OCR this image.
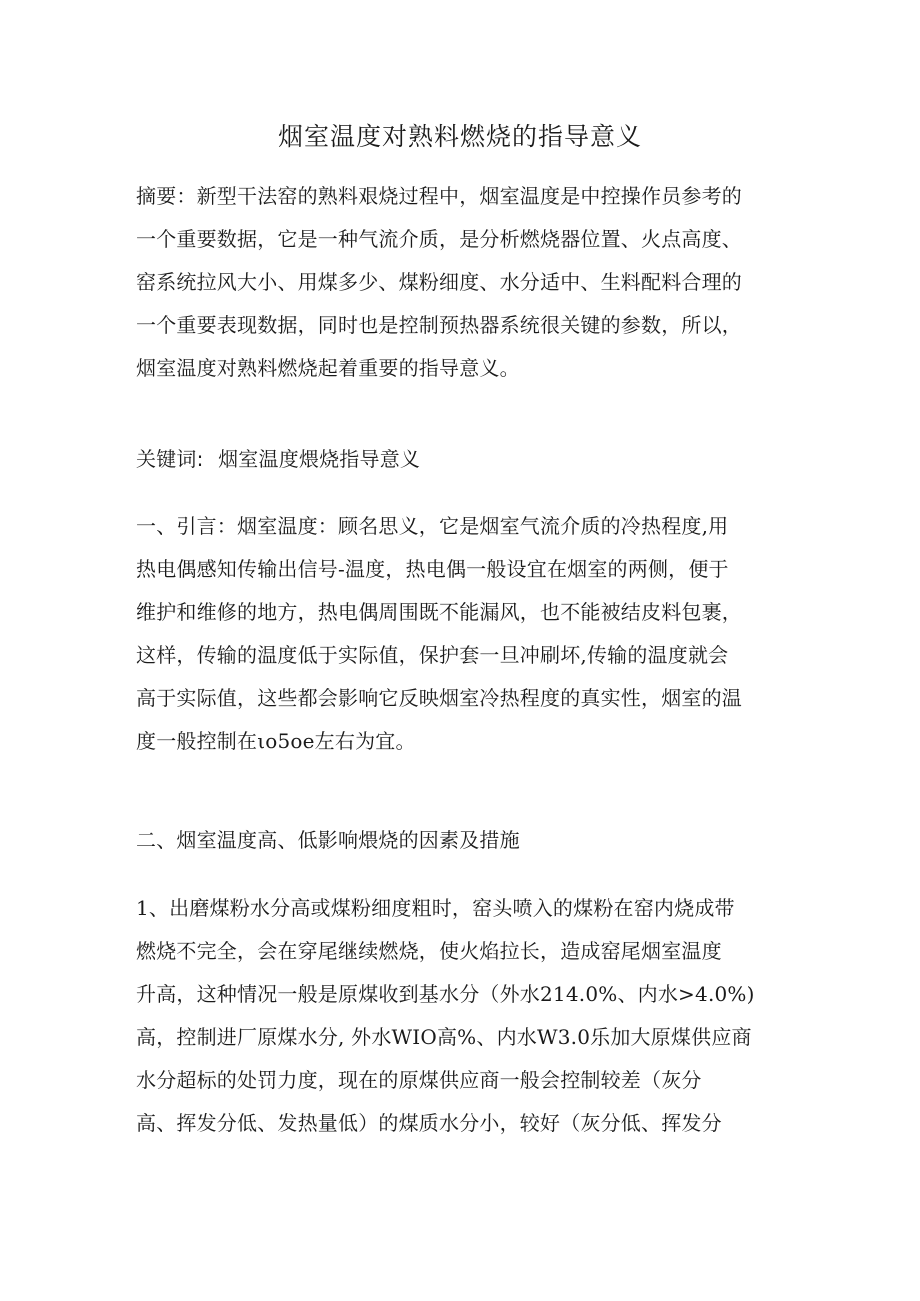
烟室温度对熟料燃烧的指导意义
摘要：新型干法窑的熟料艰烧过程中，烟室温度是中控操作员参考的
一个重要数据，它是一种气流介质，是分析燃烧器位置、火点高度、
窑系统拉风大小、用煤多少、煤粉细度、水分适中、生料配料合理的
一个重要表现数据，同时也是控制预热器系统很关键的参数，所以，
烟室温度对熟料燃烧起着重要的指导意义。
关键词: 烟室温度煨烧指导意义
一、引言：烟室温度：顾名思义，它是烟室气流介质的冷热程度,用
热电偶感知传输出信号-温度，热电偶一般设宜在烟室的两侧，便于
维护和维修的地方，热电偶周围既不能漏风，也不能被结皮料包裹，
这样，传输的温度低于实际值，保护套一旦冲刷坏,传输的温度就会
高于实际值，这些都会影响它反映烟室冷热程度的真实性，烟室的温
度一般控制在ιo5oe左右为宜。
二、烟室温度高、低影响煨烧的因素及措施
1、出磨煤粉水分高或煤粉细度粗时，窑头喷入的煤粉在窑内烧成带
燃烧不完全，会在穿尾继续燃烧，使火焰拉长，造成窑尾烟室温度
升高，这种情况一般是原煤收到基水分（外水214.0%、内水>4.0%)
高，控制进厂原煤水分, 外水WIO高%、内水W3.0乐加大原煤供应商
水分超标的处罚力度，现在的原煤供应商一般会控制较差（灰分
高、挥发分低、发热量低）的煤质水分小，较好（灰分低、挥发分
